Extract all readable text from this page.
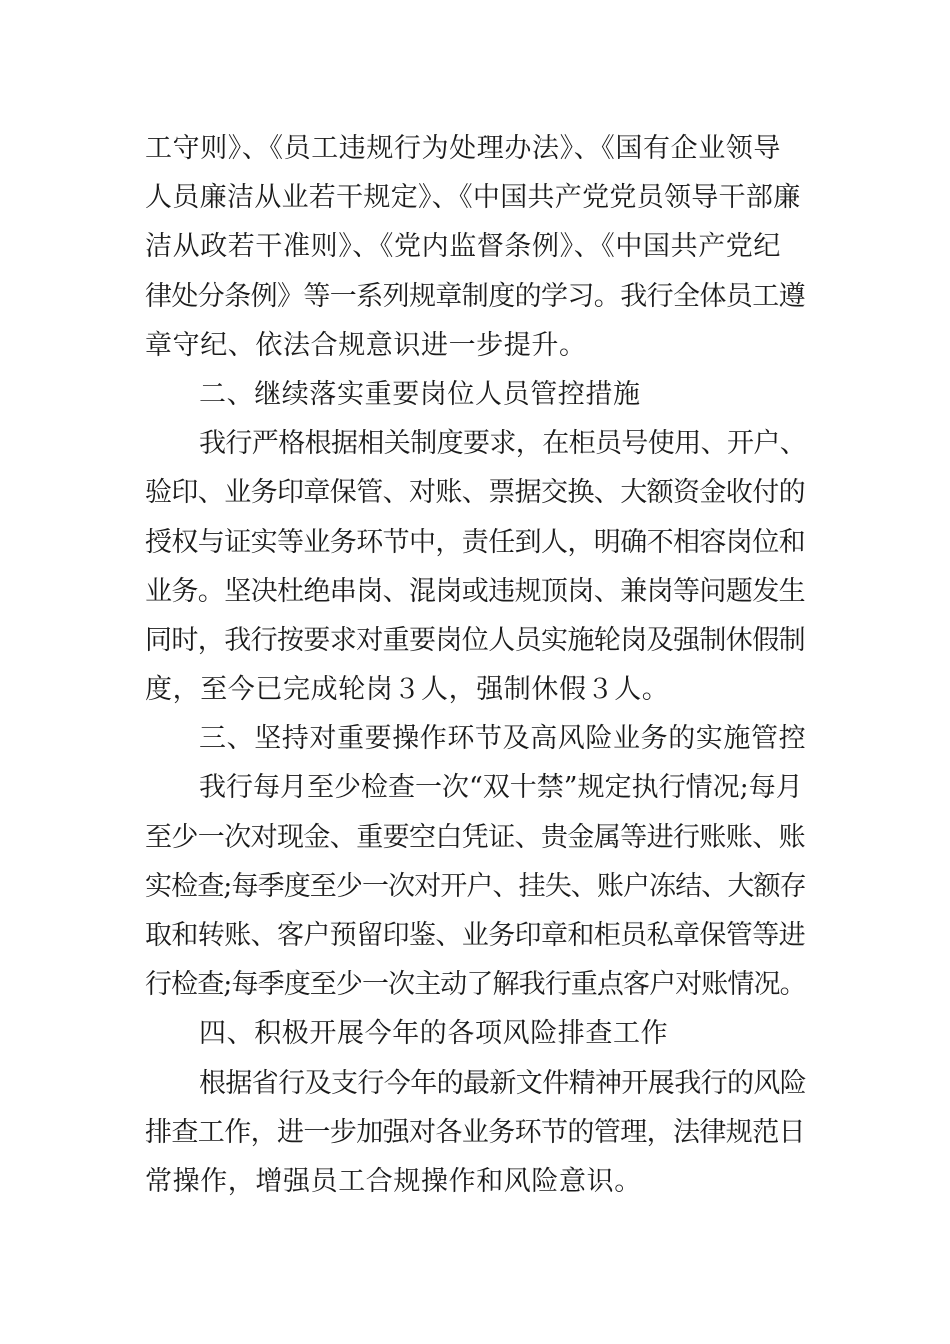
工守则》、《员工违规行为处理办法》、《国有企业领导
人员廉洁从业若干规定》、《中国共产党党员领导干部廉
洁从政若干准则》、《党内监督条例》、《中国共产党纪
律处分条例》等一系列规章制度的学习。我行全体员工遵
章守纪、依法合规意识进一步提升。
二、继续落实重要岗位人员管控措施
我行严格根据相关制度要求，在柜员号使用、开户、
验印、业务印章保管、对账、票据交换、大额资金收付的
授权与证实等业务环节中，责任到人，明确不相容岗位和
业务。坚决杜绝串岗、混岗或违规顶岗、兼岗等问题发生
同时，我行按要求对重要岗位人员实施轮岗及强制休假制
度，至今已完成轮岗３人，强制休假３人。
三、坚持对重要操作环节及高风险业务的实施管控
我行每月至少检查一次“双十禁”规定执行情况;每月
至少一次对现金、重要空白凭证、贵金属等进行账账、账
实检查;每季度至少一次对开户、挂失、账户冻结、大额存
取和转账、客户预留印鉴、业务印章和柜员私章保管等进
行检查;每季度至少一次主动了解我行重点客户对账情况。
四、积极开展今年的各项风险排查工作
根据省行及支行今年的最新文件精神开展我行的风险
排查工作，进一步加强对各业务环节的管理，法律规范日
常操作，增强员工合规操作和风险意识。
